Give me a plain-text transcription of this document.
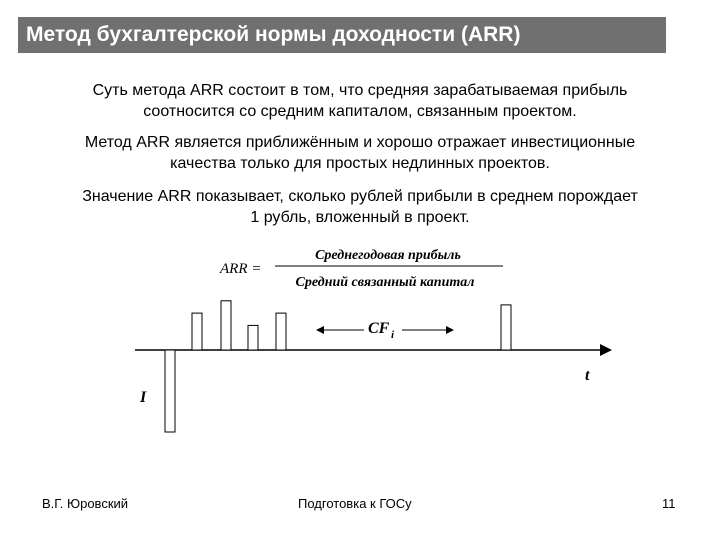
Метод бухгалтерской нормы доходности (ARR)
Суть метода ARR состоит в том, что средняя зарабатываемая прибыль
соотносится со средним капиталом, связанным проектом.
Метод ARR является приближённым и хорошо отражает инвестиционные
качества только для простых недлинных проектов.
Значение ARR показывает, сколько рублей прибыли в среднем порождает
1 рубль, вложенный в проект.
ARR =
Среднегодовая прибыль
Средний связанный капитал
CF i
t
I
В.Г. Юровский	Подготовка к ГОСу	11
